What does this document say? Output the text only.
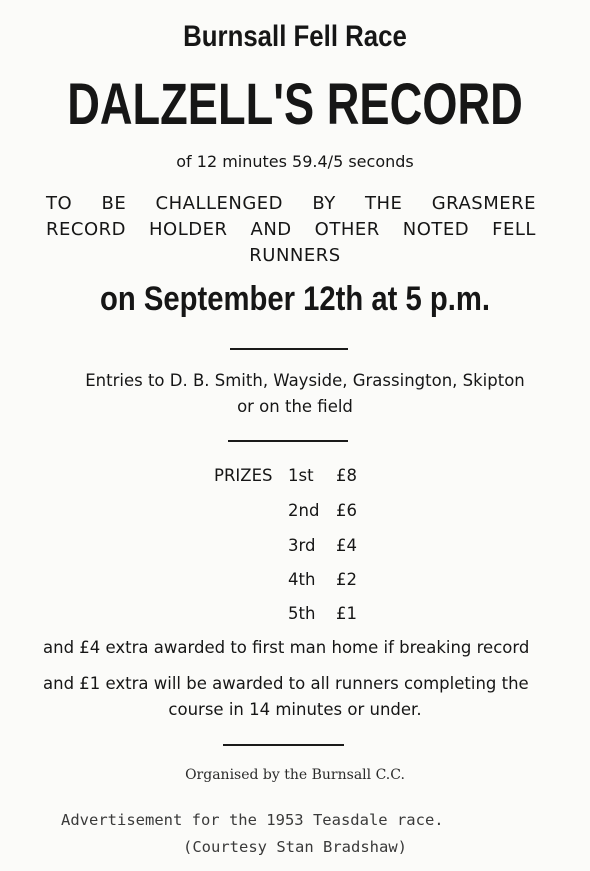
Burnsall Fell Race
DALZELL'S RECORD
of 12 minutes 59.4/5 seconds
TO BE CHALLENGED BY THE GRASMERE
RECORD HOLDER AND OTHER NOTED FELL
RUNNERS
on September 12th at 5 p.m.
Entries to D. B. Smith, Wayside, Grassington, Skipton
or on the field
PRIZES 1st £8
2nd £6
3rd £4
4th £2
5th £1
and £4 extra awarded to first man home if breaking record
and £1 extra will be awarded to all runners completing the
course in 14 minutes or under.
Organised by the Burnsall C.C.
Advertisement for the 1953 Teasdale race.
(Courtesy Stan Bradshaw)
